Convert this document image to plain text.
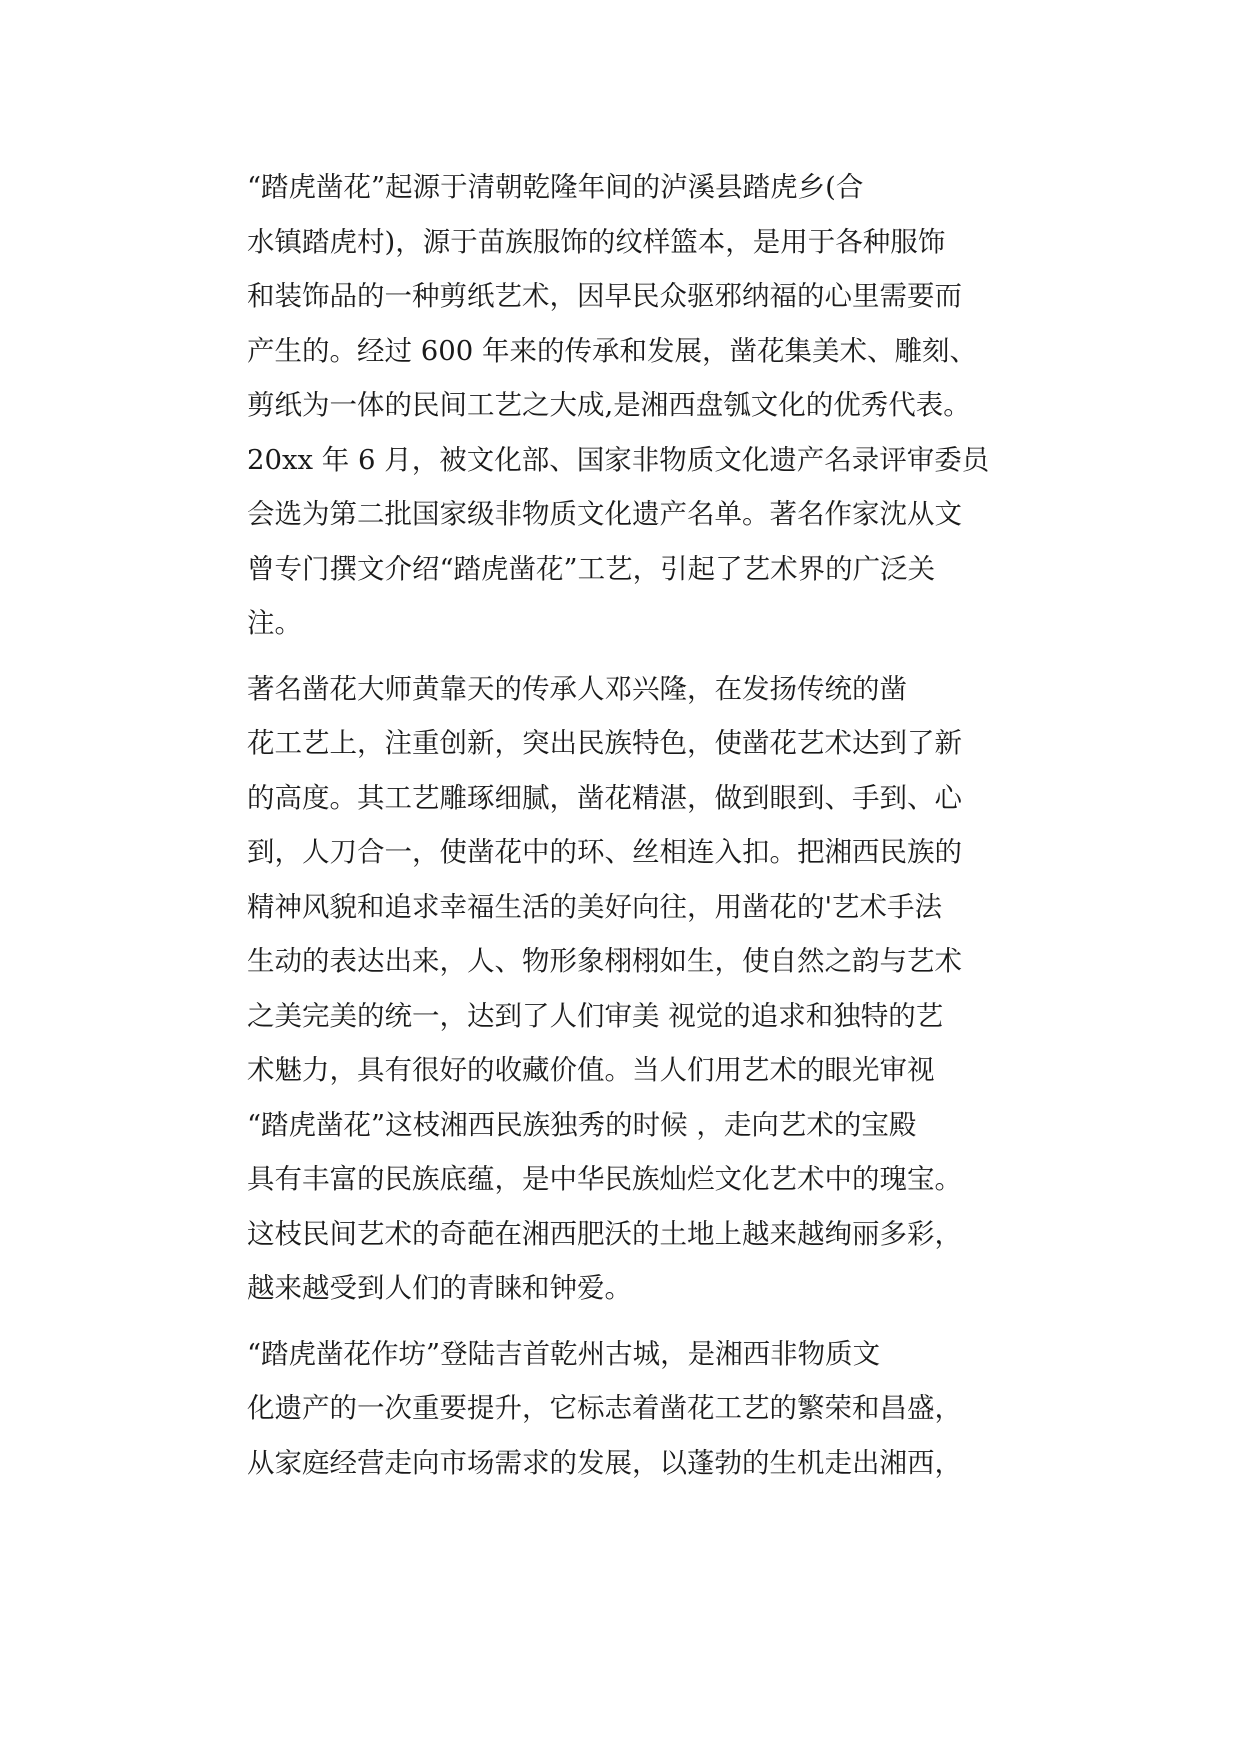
“踏虎凿花”起源于清朝乾隆年间的泸溪县踏虎乡(合
水镇踏虎村)，源于苗族服饰的纹样篮本，是用于各种服饰
和装饰品的一种剪纸艺术，因早民众驱邪纳福的心里需要而
产生的。经过 600 年来的传承和发展，凿花集美术、雕刻、
剪纸为一体的民间工艺之大成,是湘西盘瓠文化的优秀代表。
20xx 年 6 月，被文化部、国家非物质文化遗产名录评审委员
会选为第二批国家级非物质文化遗产名单。著名作家沈从文
曾专门撰文介绍“踏虎凿花”工艺，引起了艺术界的广泛关
注。

著名凿花大师黄靠天的传承人邓兴隆，在发扬传统的凿
花工艺上，注重创新，突出民族特色，使凿花艺术达到了新
的高度。其工艺雕琢细腻，凿花精湛，做到眼到、手到、心
到，人刀合一，使凿花中的环、丝相连入扣。把湘西民族的
精神风貌和追求幸福生活的美好向往，用凿花的'艺术手法
生动的表达出来，人、物形象栩栩如生，使自然之韵与艺术
之美完美的统一，达到了人们审美 视觉的追求和独特的艺
术魅力，具有很好的收藏价值。当人们用艺术的眼光审视
“踏虎凿花”这枝湘西民族独秀的时候 ，走向艺术的宝殿
具有丰富的民族底蕴，是中华民族灿烂文化艺术中的瑰宝。
这枝民间艺术的奇葩在湘西肥沃的土地上越来越绚丽多彩，
越来越受到人们的青睐和钟爱。

“踏虎凿花作坊”登陆吉首乾州古城，是湘西非物质文
化遗产的一次重要提升，它标志着凿花工艺的繁荣和昌盛，
从家庭经营走向市场需求的发展，以蓬勃的生机走出湘西，
